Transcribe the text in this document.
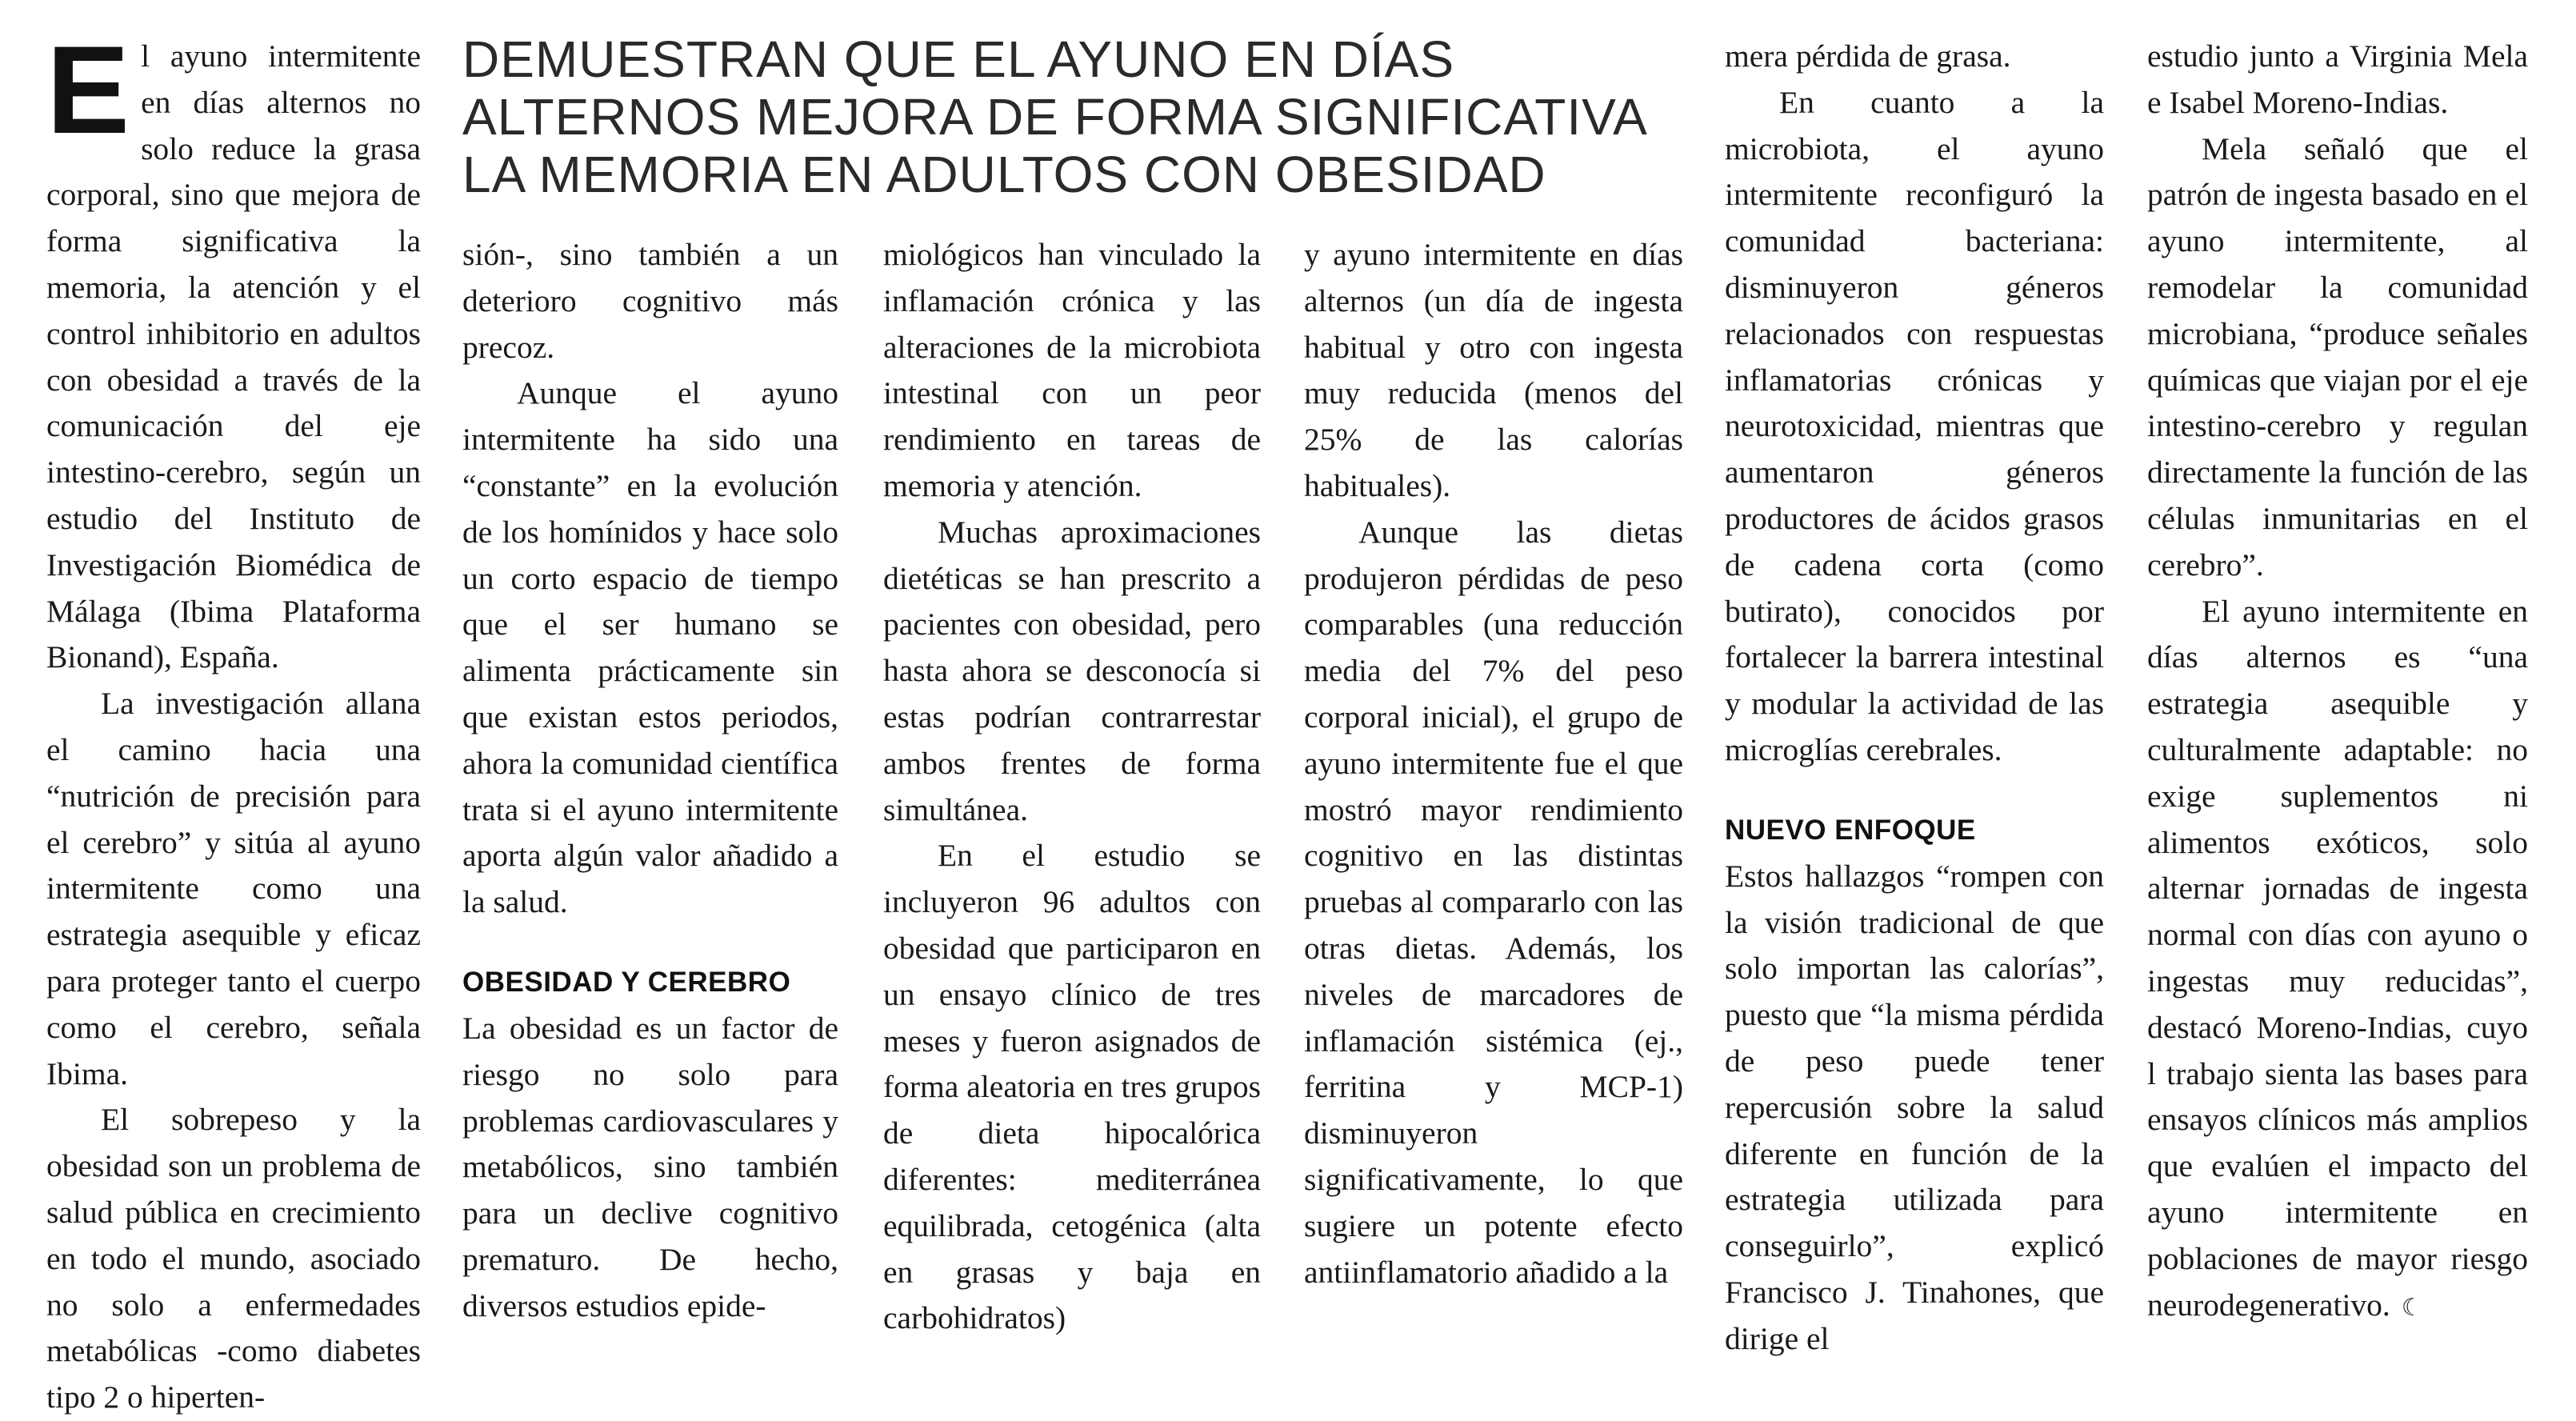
DEMUESTRAN QUE EL AYUNO EN DÍAS ALTERNOS MEJORA DE FORMA SIGNIFICATIVA LA MEMORIA EN ADULTOS CON OBESIDAD
E l ayuno intermitente en días alternos no solo reduce la grasa corporal, sino que mejora de forma significativa la memoria, la atención y el control inhibitorio en adultos con obesidad a través de la comunicación del eje intestino-cerebro, según un estudio del Instituto de Investigación Biomédica de Málaga (Ibima Plataforma Bionand), España.

La investigación allana el camino hacia una “nutrición de precisión para el cerebro” y sitúa al ayuno intermitente como una estrategia asequible y eficaz para proteger tanto el cuerpo como el cerebro, señala Ibima.

El sobrepeso y la obesidad son un problema de salud pública en crecimiento en todo el mundo, asociado no solo a enfermedades metabólicas -como diabetes tipo 2 o hiperten-

sión-, sino también a un deterioro cognitivo más precoz.

Aunque el ayuno intermitente ha sido una “constante” en la evolución de los homínidos y hace solo un corto espacio de tiempo que el ser humano se alimenta prácticamente sin que existan estos periodos, ahora la comunidad científica trata si el ayuno intermitente aporta algún valor añadido a la salud.

OBESIDAD Y CEREBRO

La obesidad es un factor de riesgo no solo para problemas cardiovasculares y metabólicos, sino también para un declive cognitivo prematuro. De hecho, diversos estudios epide-

miológicos han vinculado la inflamación crónica y las alteraciones de la microbiota intestinal con un peor rendimiento en tareas de memoria y atención.

Muchas aproximaciones dietéticas se han prescrito a pacientes con obesidad, pero hasta ahora se desconocía si estas podrían contrarrestar ambos frentes de forma simultánea.

En el estudio se incluyeron 96 adultos con obesidad que participaron en un ensayo clínico de tres meses y fueron asignados de forma aleatoria en tres grupos de dieta hipocalórica diferentes: mediterránea equilibrada, cetogénica (alta en grasas y baja en carbohidratos)

y ayuno intermitente en días alternos (un día de ingesta habitual y otro con ingesta muy reducida (menos del 25% de las calorías habituales).

Aunque las dietas produjeron pérdidas de peso comparables (una reducción media del 7% del peso corporal inicial), el grupo de ayuno intermitente fue el que mostró mayor rendimiento cognitivo en las distintas pruebas al compararlo con las otras dietas. Además, los niveles de marcadores de inflamación sistémica (ej., ferritina y MCP-1) disminuyeron significativamente, lo que sugiere un potente efecto antiinflamatorio añadido a la

mera pérdida de grasa.

En cuanto a la microbiota, el ayuno intermitente reconfiguró la comunidad bacteriana: disminuyeron géneros relacionados con respuestas inflamatorias crónicas y neurotoxicidad, mientras que aumentaron géneros productores de ácidos grasos de cadena corta (como butirato), conocidos por fortalecer la barrera intestinal y modular la actividad de las microglías cerebrales.

NUEVO ENFOQUE

Estos hallazgos “rompen con la visión tradicional de que solo importan las calorías”, puesto que “la misma pérdida de peso puede tener repercusión sobre la salud diferente en función de la estrategia utilizada para conseguirlo”, explicó Francisco J. Tinahones, que dirige el

estudio junto a Virginia Mela e Isabel Moreno-Indias.

Mela señaló que el patrón de ingesta basado en el ayuno intermitente, al remodelar la comunidad microbiana, “produce señales químicas que viajan por el eje intestino-cerebro y regulan directamente la función de las células inmunitarias en el cerebro”.

El ayuno intermitente en días alternos es “una estrategia asequible y culturalmente adaptable: no exige suplementos ni alimentos exóticos, solo alternar jornadas de ingesta normal con días con ayuno o ingestas muy reducidas”, destacó Moreno-Indias, cuyo l trabajo sienta las bases para ensayos clínicos más amplios que evalúen el impacto del ayuno intermitente en poblaciones de mayor riesgo neurodegenerativo. ☾
